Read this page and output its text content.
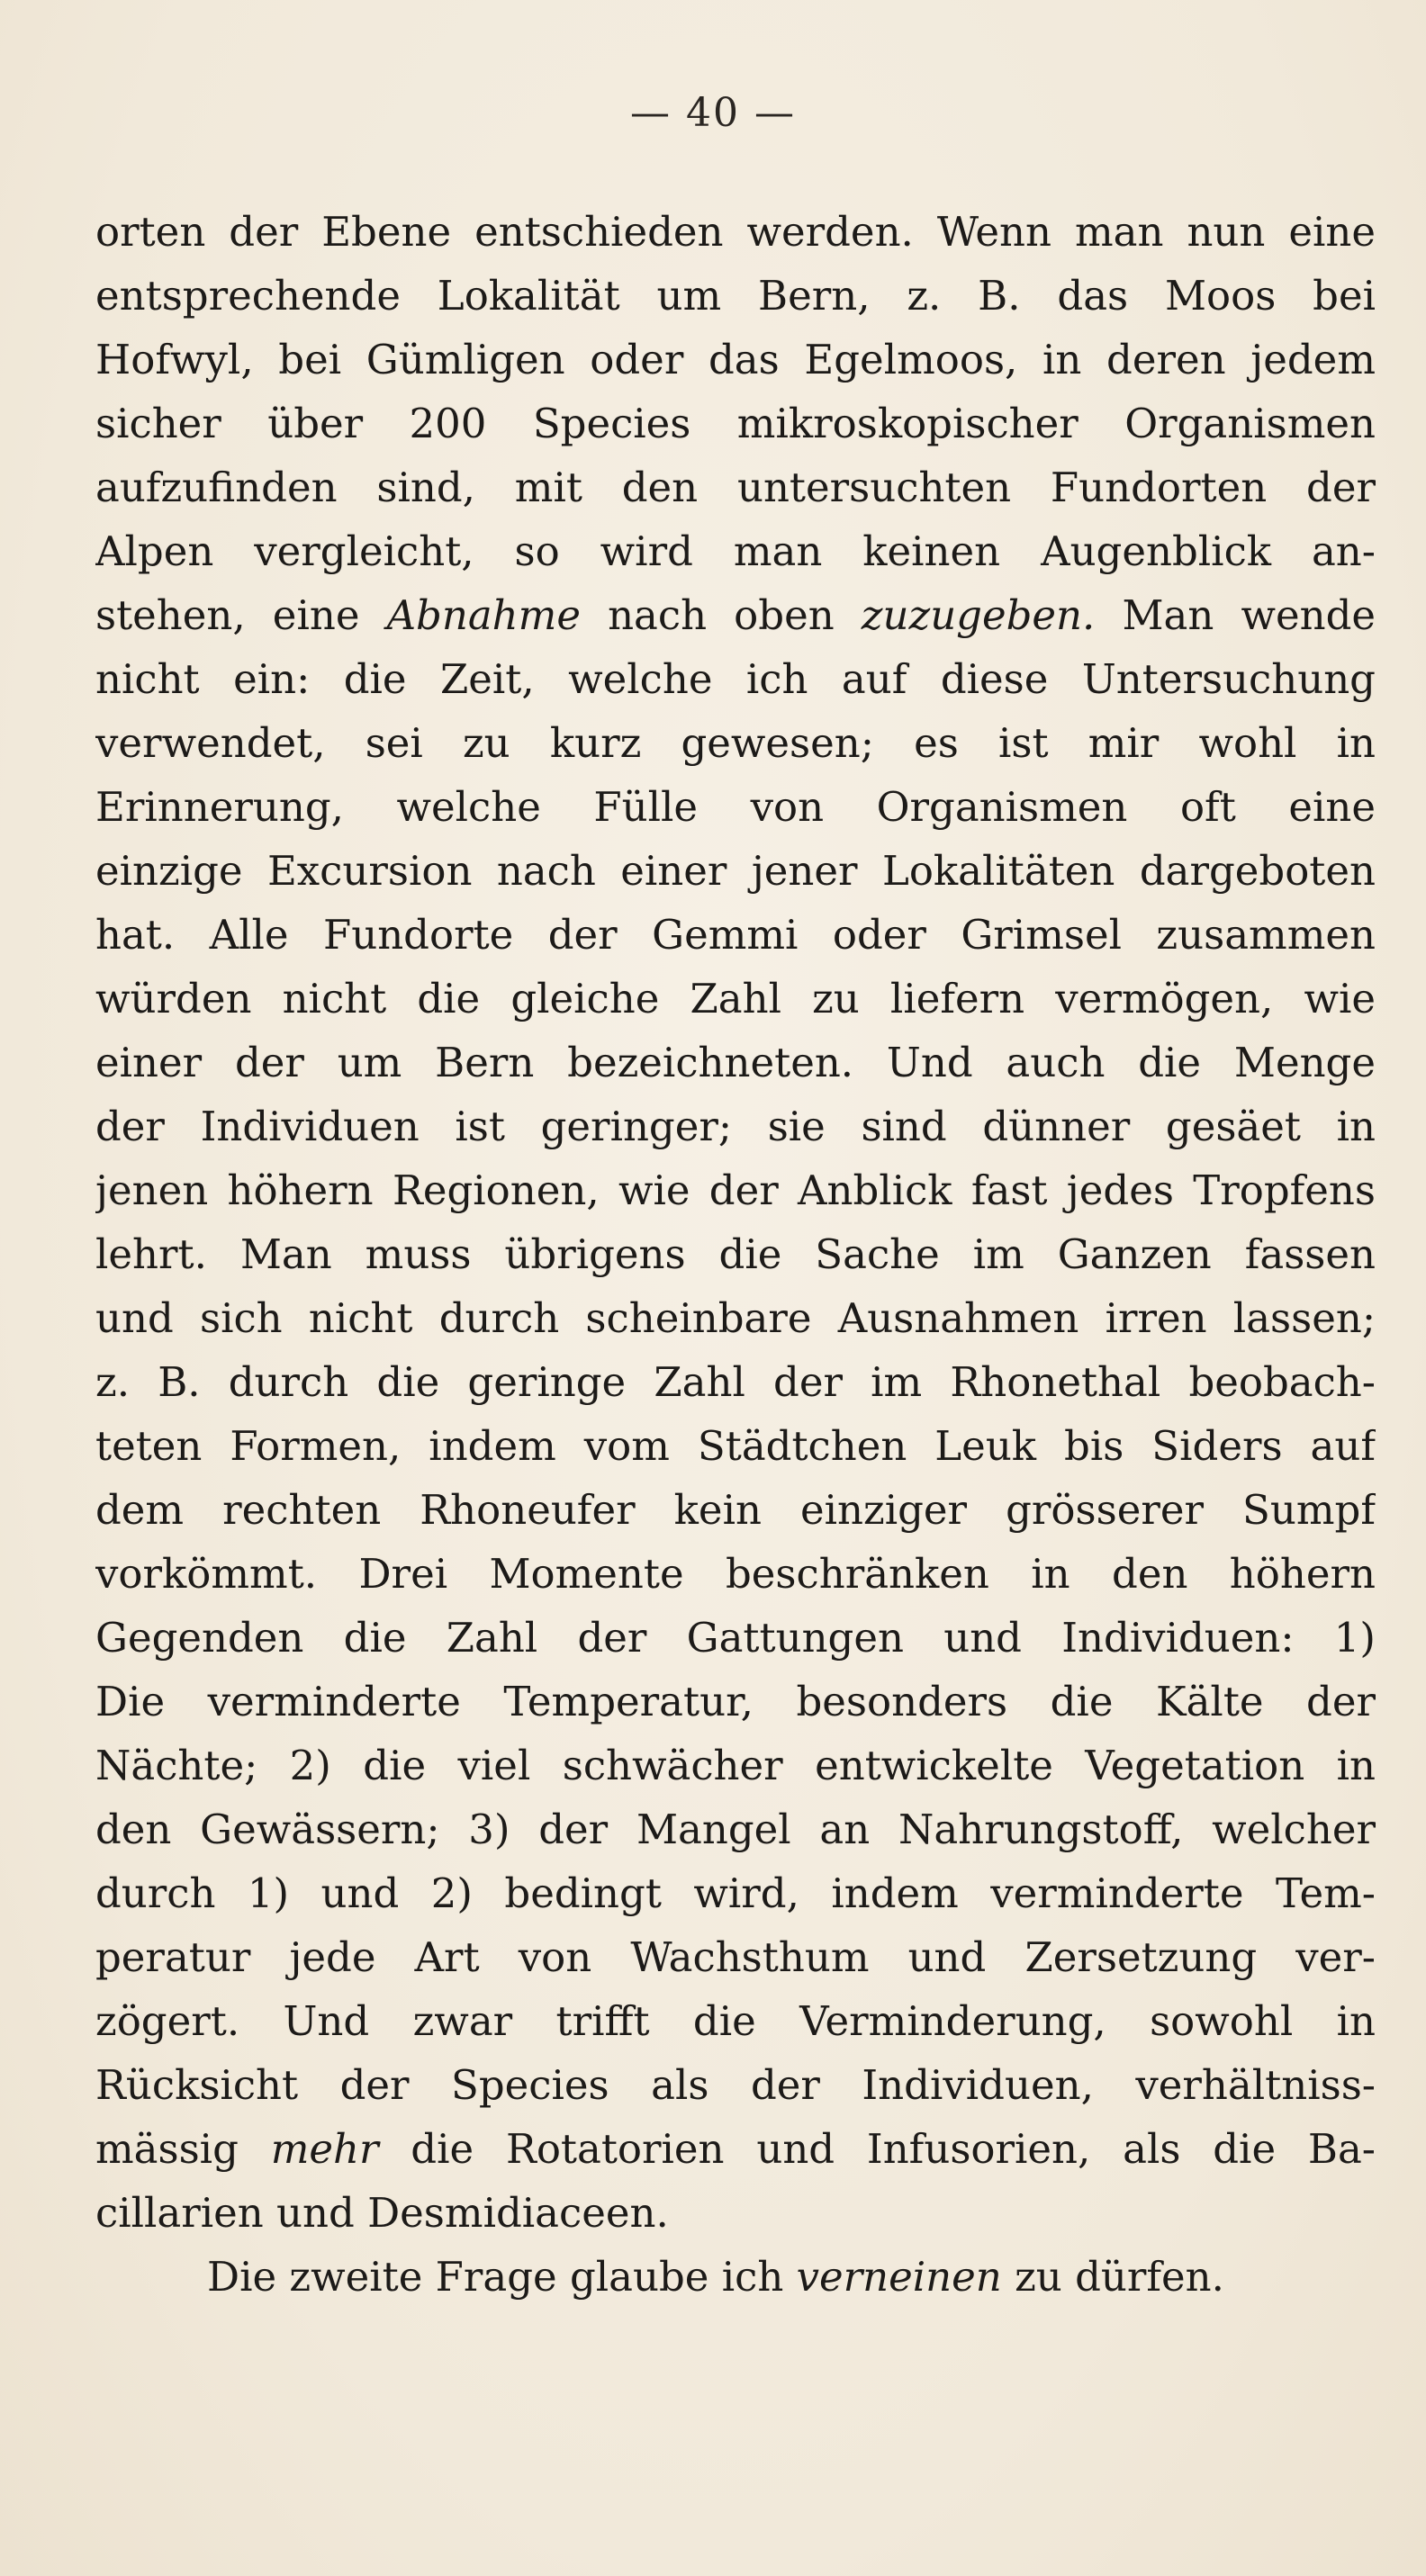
— 40 —
orten der Ebene entschieden werden. Wenn man nun eine
entsprechende Lokalität um Bern, z. B. das Moos bei
Hofwyl, bei Gümligen oder das Egelmoos, in deren jedem
sicher über 200 Species mikroskopischer Organismen
aufzufinden sind, mit den untersuchten Fundorten der
Alpen vergleicht, so wird man keinen Augenblick an-
stehen, eine Abnahme nach oben zuzugeben. Man wende
nicht ein: die Zeit, welche ich auf diese Untersuchung
verwendet, sei zu kurz gewesen; es ist mir wohl in
Erinnerung, welche Fülle von Organismen oft eine
einzige Excursion nach einer jener Lokalitäten dargeboten
hat. Alle Fundorte der Gemmi oder Grimsel zusammen
würden nicht die gleiche Zahl zu liefern vermögen, wie
einer der um Bern bezeichneten. Und auch die Menge
der Individuen ist geringer; sie sind dünner gesäet in
jenen höhern Regionen, wie der Anblick fast jedes Tropfens
lehrt. Man muss übrigens die Sache im Ganzen fassen
und sich nicht durch scheinbare Ausnahmen irren lassen;
z. B. durch die geringe Zahl der im Rhonethal beobach-
teten Formen, indem vom Städtchen Leuk bis Siders auf
dem rechten Rhoneufer kein einziger grösserer Sumpf
vorkömmt. Drei Momente beschränken in den höhern
Gegenden die Zahl der Gattungen und Individuen: 1)
Die verminderte Temperatur, besonders die Kälte der
Nächte; 2) die viel schwächer entwickelte Vegetation in
den Gewässern; 3) der Mangel an Nahrungstoff, welcher
durch 1) und 2) bedingt wird, indem verminderte Tem-
peratur jede Art von Wachsthum und Zersetzung ver-
zögert. Und zwar trifft die Verminderung, sowohl in
Rücksicht der Species als der Individuen, verhältniss-
mässig mehr die Rotatorien und Infusorien, als die Ba-
cillarien und Desmidiaceen.
Die zweite Frage glaube ich verneinen zu dürfen.
